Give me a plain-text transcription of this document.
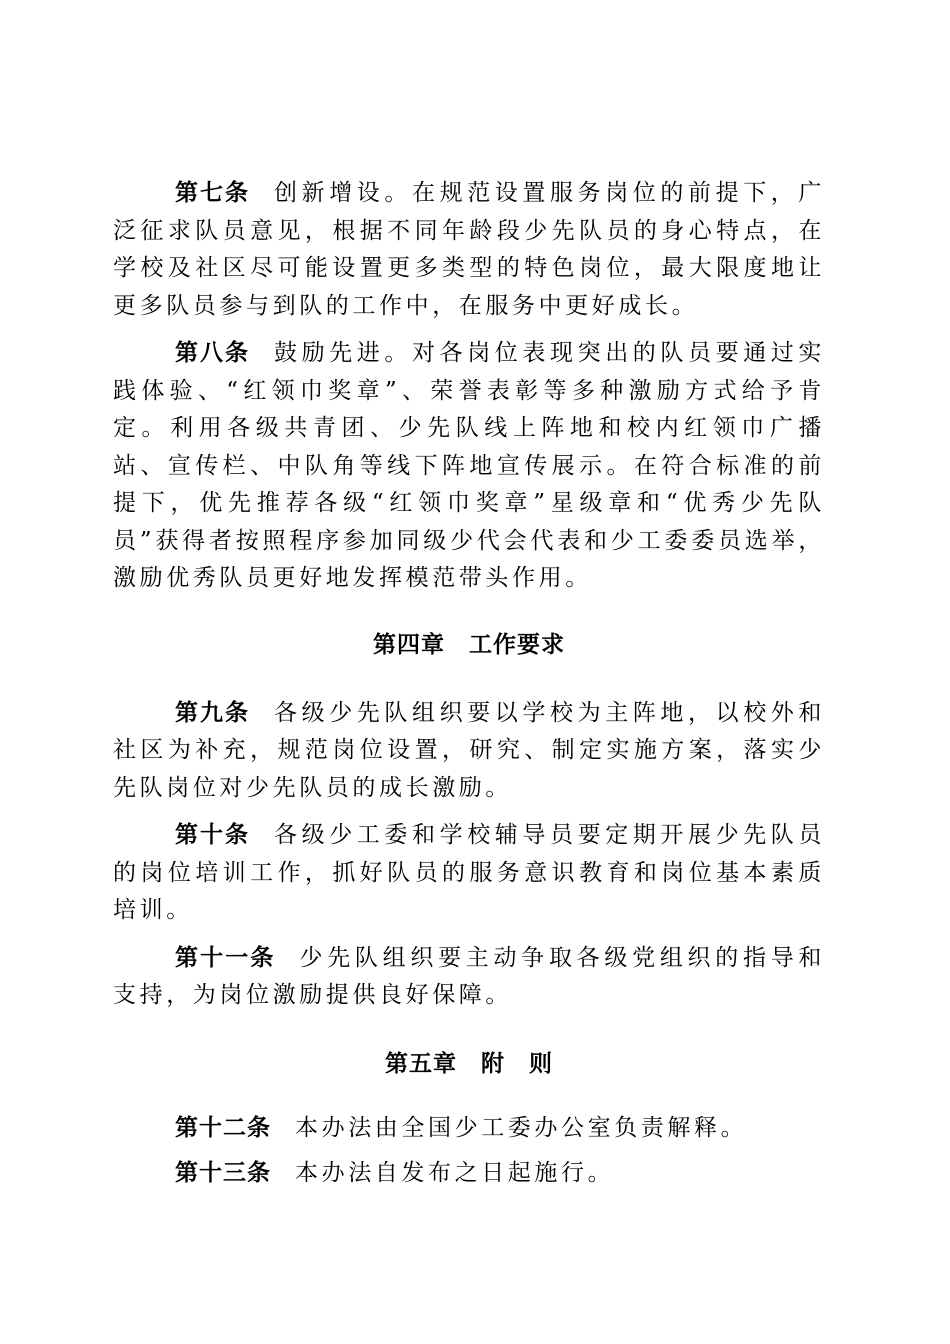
第七条 创新增设。在规范设置服务岗位的前提下，广泛征求队员意见，根据不同年龄段少先队员的身心特点，在学校及社区尽可能设置更多类型的特色岗位，最大限度地让更多队员参与到队的工作中，在服务中更好成长。

第八条 鼓励先进。对各岗位表现突出的队员要通过实践体验、“红领巾奖章”、荣誉表彰等多种激励方式给予肯定。利用各级共青团、少先队线上阵地和校内红领巾广播站、宣传栏、中队角等线下阵地宣传展示。在符合标准的前提下，优先推荐各级“红领巾奖章”星级章和“优秀少先队员”获得者按照程序参加同级少代会代表和少工委委员选举，激励优秀队员更好地发挥模范带头作用。

第四章 工作要求

第九条 各级少先队组织要以学校为主阵地，以校外和社区为补充，规范岗位设置，研究、制定实施方案，落实少先队岗位对少先队员的成长激励。

第十条 各级少工委和学校辅导员要定期开展少先队员的岗位培训工作，抓好队员的服务意识教育和岗位基本素质培训。

第十一条 少先队组织要主动争取各级党组织的指导和支持，为岗位激励提供良好保障。

第五章 附 则

第十二条 本办法由全国少工委办公室负责解释。

第十三条 本办法自发布之日起施行。
